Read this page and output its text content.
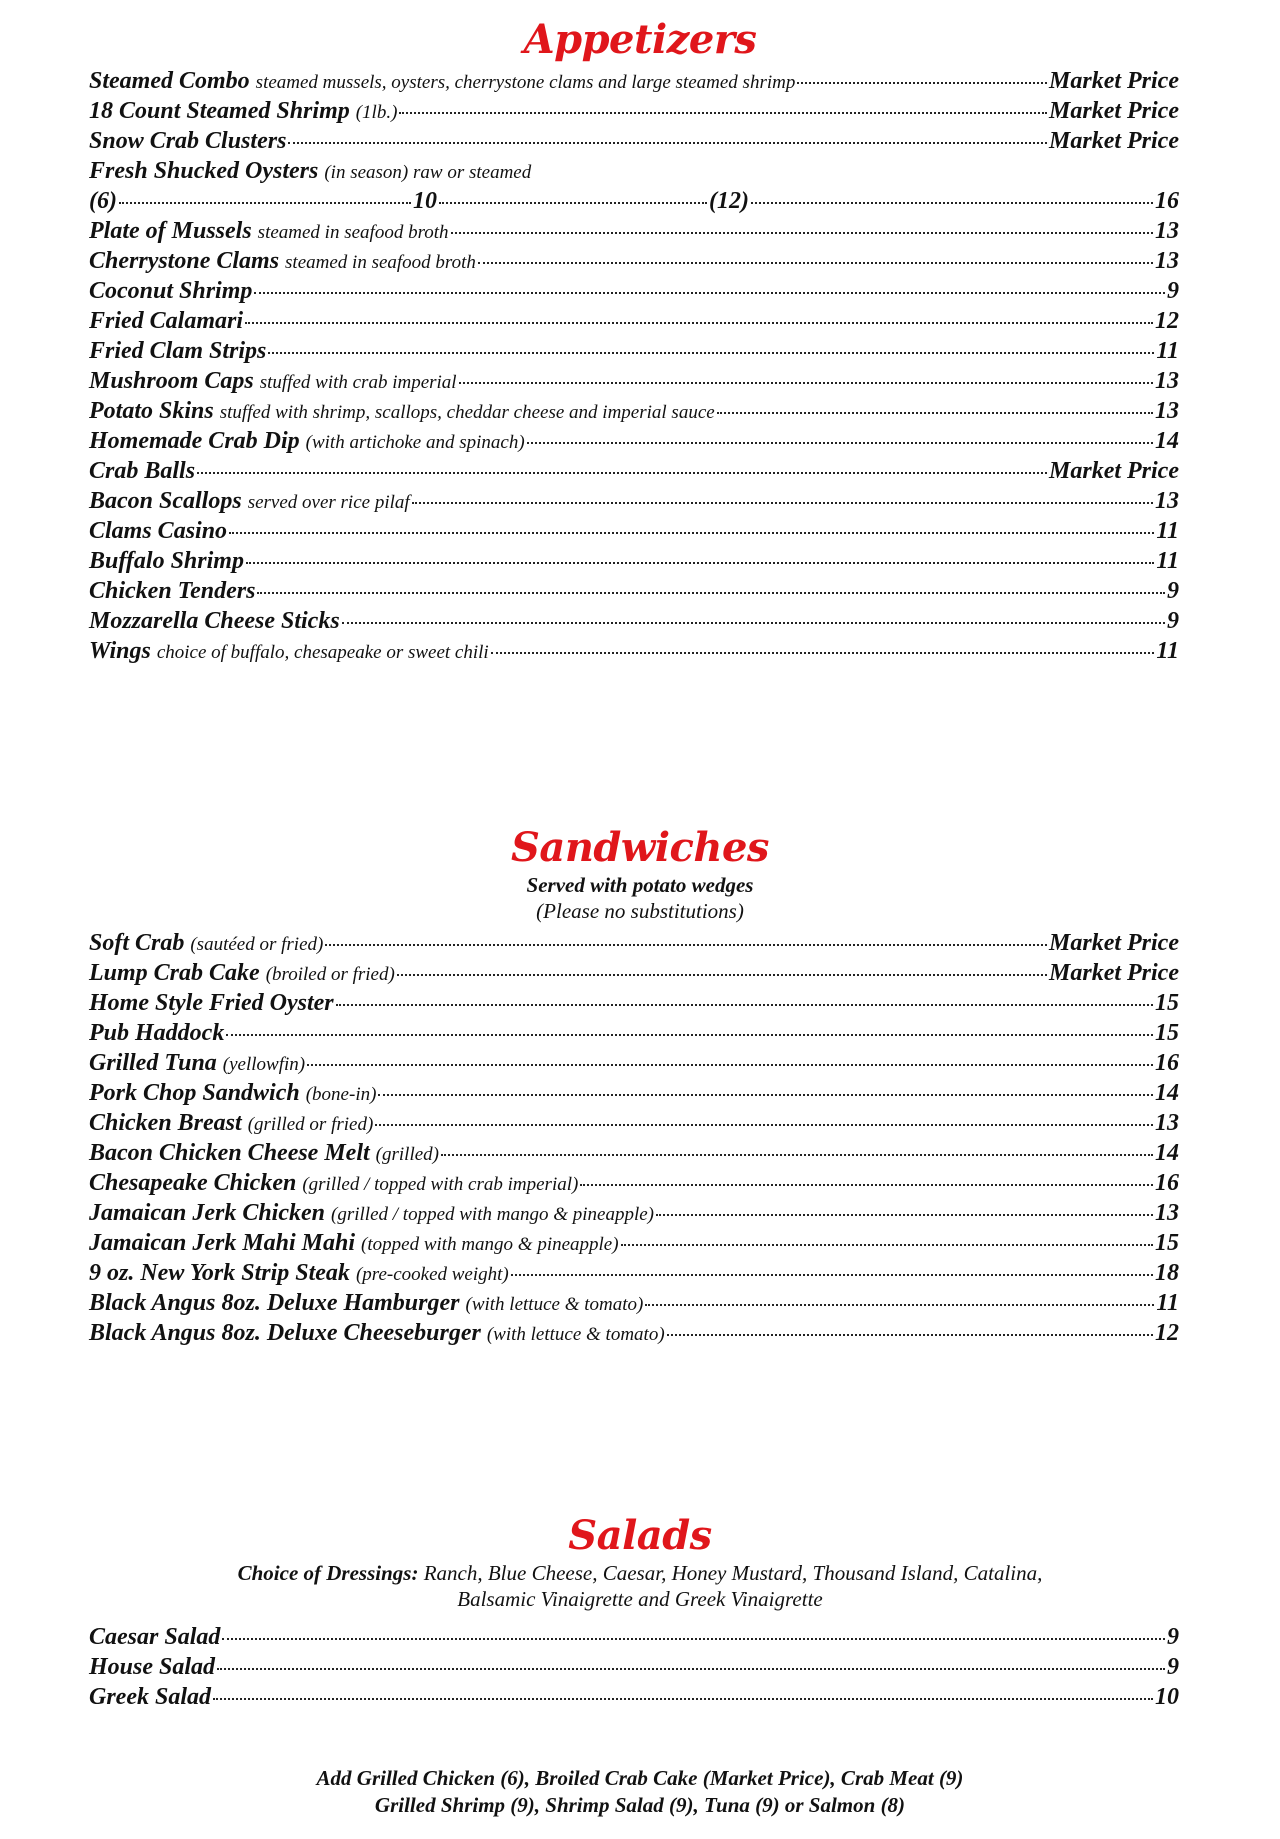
Appetizers
Steamed Combo steamed mussels, oysters, cherrystone clams and large steamed shrimp	Market Price
18 Count Steamed Shrimp (1lb.)	Market Price
Snow Crab Clusters	Market Price
Fresh Shucked Oysters (in season) raw or steamed
(6)	10	(12)	16
Plate of Mussels steamed in seafood broth	13
Cherrystone Clams steamed in seafood broth	13
Coconut Shrimp	9
Fried Calamari	12
Fried Clam Strips	11
Mushroom Caps stuffed with crab imperial	13
Potato Skins stuffed with shrimp, scallops, cheddar cheese and imperial sauce	13
Homemade Crab Dip (with artichoke and spinach)	14
Crab Balls	Market Price
Bacon Scallops served over rice pilaf	13
Clams Casino	11
Buffalo Shrimp	11
Chicken Tenders	9
Mozzarella Cheese Sticks	9
Wings choice of buffalo, chesapeake or sweet chili	11
Sandwiches
Served with potato wedges
(Please no substitutions)
Soft Crab (sautéed or fried)	Market Price
Lump Crab Cake (broiled or fried)	Market Price
Home Style Fried Oyster	15
Pub Haddock	15
Grilled Tuna (yellowfin)	16
Pork Chop Sandwich (bone-in)	14
Chicken Breast (grilled or fried)	13
Bacon Chicken Cheese Melt (grilled)	14
Chesapeake Chicken (grilled / topped with crab imperial)	16
Jamaican Jerk Chicken (grilled / topped with mango & pineapple)	13
Jamaican Jerk Mahi Mahi (topped with mango & pineapple)	15
9 oz. New York Strip Steak (pre-cooked weight)	18
Black Angus 8oz. Deluxe Hamburger (with lettuce & tomato)	11
Black Angus 8oz. Deluxe Cheeseburger (with lettuce & tomato)	12
Salads
Choice of Dressings: Ranch, Blue Cheese, Caesar, Honey Mustard, Thousand Island, Catalina,
Balsamic Vinaigrette and Greek Vinaigrette
Caesar Salad	9
House Salad	9
Greek Salad	10
Add Grilled Chicken (6), Broiled Crab Cake (Market Price), Crab Meat (9)
Grilled Shrimp (9), Shrimp Salad (9), Tuna (9) or Salmon (8)
